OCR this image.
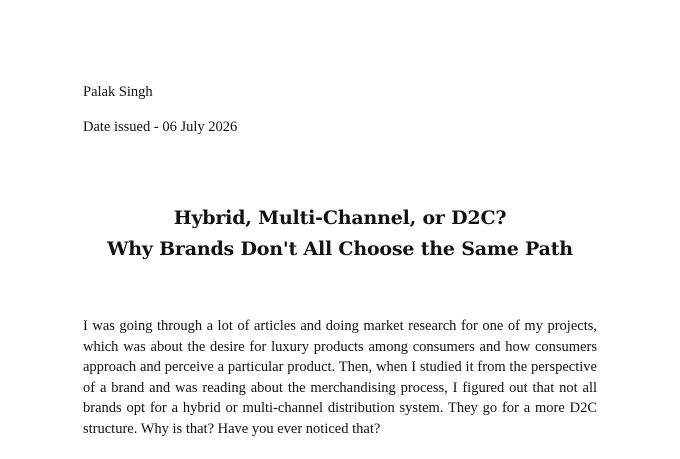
Palak Singh

Date issued - 06 July 2026

Hybrid, Multi-Channel, or D2C?
Why Brands Don't All Choose the Same Path

I was going through a lot of articles and doing market research for one of my projects, which was about the desire for luxury products among consumers and how consumers approach and perceive a particular product. Then, when I studied it from the perspective of a brand and was reading about the merchandising process, I figured out that not all brands opt for a hybrid or multi-channel distribution system. They go for a more D2C structure. Why is that? Have you ever noticed that?
